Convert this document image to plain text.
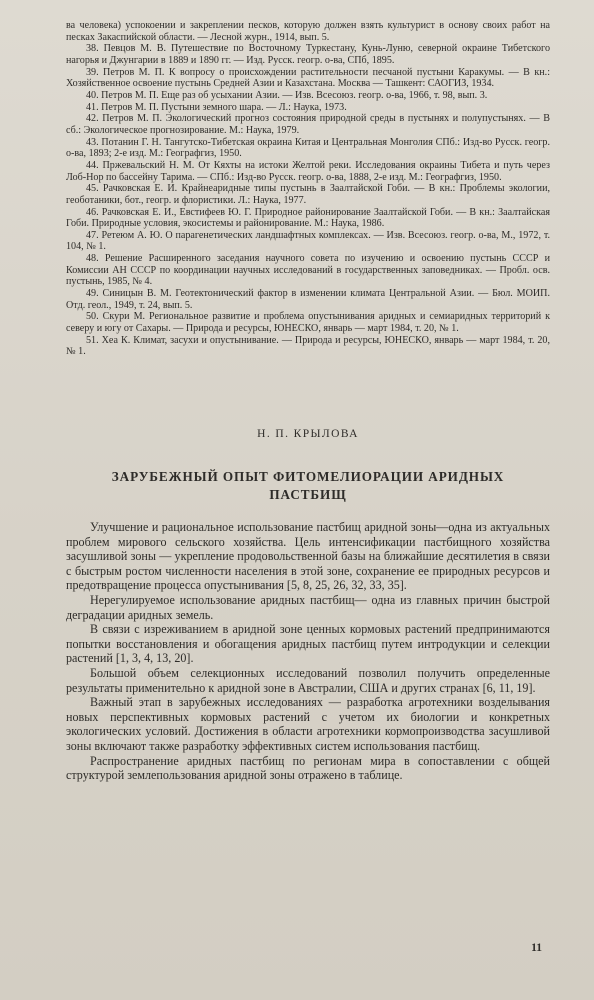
ва человека) успокоении и закреплении песков, которую должен взять культурист в основу своих работ на песках Закаспийской области. — Лесной журн., 1914, вып. 5.

38. Певцов М. В. Путешествие по Восточному Туркестану, Кунь-Луню, северной окраине Тибетского нагорья и Джунгарии в 1889 и 1890 гг. — Изд. Русск. геогр. о-ва, СПб, 1895.

39. Петров М. П. К вопросу о происхождении растительности песчаной пустыни Каракумы. — В кн.: Хозяйственное освоение пустынь Средней Азии и Казахстана. Москва — Ташкент: САОГИЗ, 1934.

40. Петров М. П. Еще раз об усыхании Азии. — Изв. Всесоюз. геогр. о-ва, 1966, т. 98, вып. 3.

41. Петров М. П. Пустыни земного шара. — Л.: Наука, 1973.

42. Петров М. П. Экологический прогноз состояния природной среды в пустынях и полупустынях. — В сб.: Экологическое прогнозирование. М.: Наука, 1979.

43. Потанин Г. Н. Тангутско-Тибетская окраина Китая и Центральная Монголия СПб.: Изд-во Русск. геогр. о-ва, 1893; 2-е изд. М.: Географгиз, 1950.

44. Пржевальский Н. М. От Кяхты на истоки Желтой реки. Исследования окраины Тибета и путь через Лоб-Нор по бассейну Тарима. — СПб.: Изд-во Русск. геогр. о-ва, 1888, 2-е изд. М.: Географгиз, 1950.

45. Рачковская Е. И. Крайнеаридные типы пустынь в Заалтайской Гоби. — В кн.: Проблемы экологии, геоботаники, бот., геогр. и флористики. Л.: Наука, 1977.

46. Рачковская Е. И., Евстифеев Ю. Г. Природное районирование Заалтайской Гоби. — В кн.: Заалтайская Гоби. Природные условия, экосистемы и районирование. М.: Наука, 1986.

47. Ретеюм А. Ю. О парагенетических ландшафтных комплексах. — Изв. Всесоюз. геогр. о-ва, М., 1972, т. 104, № 1.

48. Решение Расширенного заседания научного совета по изучению и освоению пустынь СССР и Комиссии АН СССР по координации научных исследований в государственных заповедниках. — Пробл. осв. пустынь, 1985, № 4.

49. Синицын В. М. Геотектонический фактор в изменении климата Центральной Азии. — Бюл. МОИП. Отд. геол., 1949, т. 24, вып. 5.

50. Скури М. Региональное развитие и проблема опустынивания аридных и семиаридных территорий к северу и югу от Сахары. — Природа и ресурсы, ЮНЕСКО, январь — март 1984, т. 20, № 1.

51. Хеа К. Климат, засухи и опустынивание. — Природа и ресурсы, ЮНЕСКО, январь — март 1984, т. 20, № 1.

Н. П. КРЫЛОВА
ЗАРУБЕЖНЫЙ ОПЫТ ФИТОМЕЛИОРАЦИИ АРИДНЫХ ПАСТБИЩ

Улучшение и рациональное использование пастбищ аридной зоны—одна из актуальных проблем мирового сельского хозяйства. Цель интенсификации пастбищного хозяйства засушливой зоны — укрепление продовольственной базы на ближайшие десятилетия в связи с быстрым ростом численности населения в этой зоне, сохранение ее природных ресурсов и предотвращение процесса опустынивания [5, 8, 25, 26, 32, 33, 35].

Нерегулируемое использование аридных пастбищ— одна из главных причин быстрой деградации аридных земель.

В связи с изреживанием в аридной зоне ценных кормовых растений предпринимаются попытки восстановления и обогащения аридных пастбищ путем интродукции и селекции растений [1, 3, 4, 13, 20].

Большой объем селекционных исследований позволил получить определенные результаты применительно к аридной зоне в Австралии, США и других странах [6, 11, 19].

Важный этап в зарубежных исследованиях — разработка агротехники возделывания новых перспективных кормовых растений с учетом их биологии и конкретных экологических условий. Достижения в области агротехники кормопроизводства засушливой зоны включают также разработку эффективных систем использования пастбищ.

Распространение аридных пастбищ по регионам мира в сопоставлении с общей структурой землепользования аридной зоны отражено в таблице.

11
